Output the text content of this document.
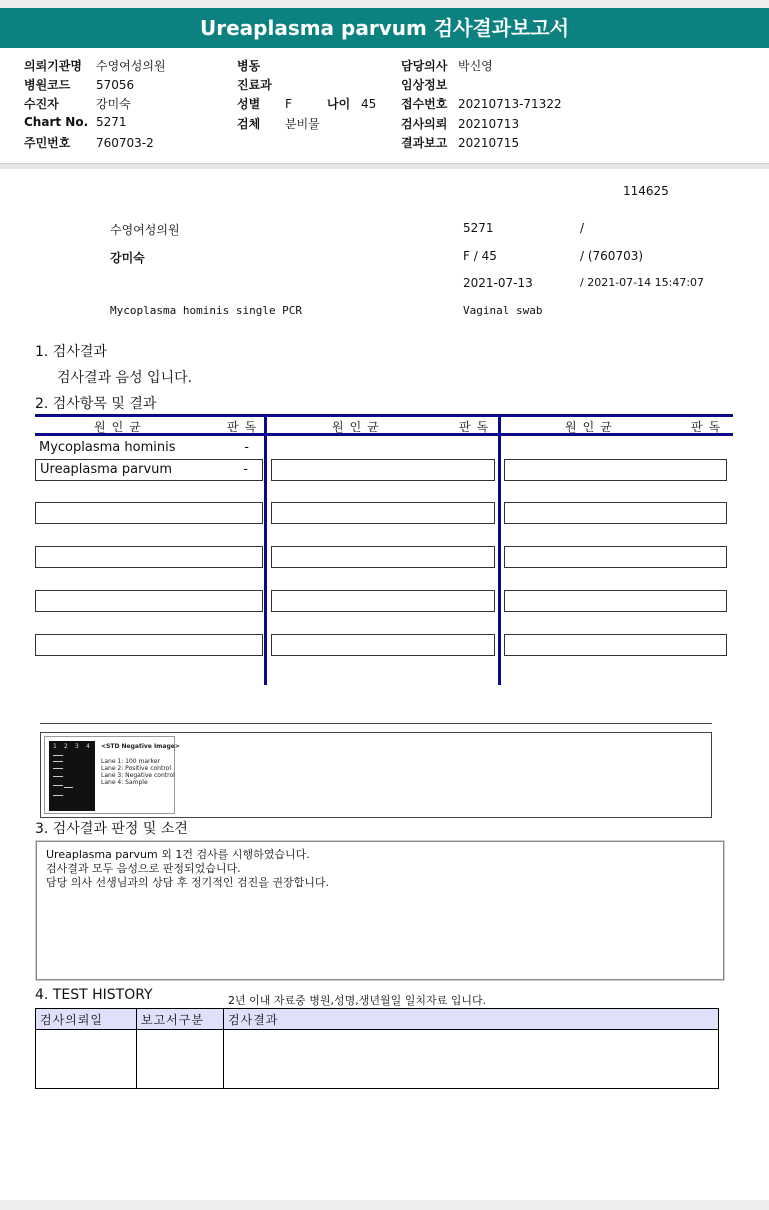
Ureaplasma parvum 검사결과보고서
의뢰기관명 수영여성의원
병원코드 57056
수진자	강미숙
Chart No. 5271
주민번호 760703-2
병동
진료과
성별 F	나이 45
검체 분비물
담당의사 박신영
임상정보
접수번호 20210713-71322
검사의뢰 20210713
결과보고 20210715
114625
수영여성의원	5271	/
강미숙	F / 45	/ (760703)
2021-07-13	/ 2021-07-14 15:47:07
Mycoplasma hominis single PCR	Vaginal swab
1. 검사결과
검사결과 음성 입니다.
2. 검사항목 및 결과
원인균	판독	원인균	판독	원인균	판독
Mycoplasma hominis	-
Ureaplasma parvum	-
1 2 3 4 <STD Negative Image>
Lane 1: 100 marker
Lane 2: Positive control
Lane 3: Negative control
Lane 4: Sample
3. 검사결과 판정 및 소견
Ureaplasma parvum 외 1건 검사를 시행하였습니다.
검사결과 모두 음성으로 판정되었습니다.
담당 의사 선생님과의 상담 후 정기적인 검진을 권장합니다.
4. TEST HISTORY	2년 이내 자료중 병원,성명,생년월일 일치자료 입니다.
검사의뢰일	보고서구분	검사결과
